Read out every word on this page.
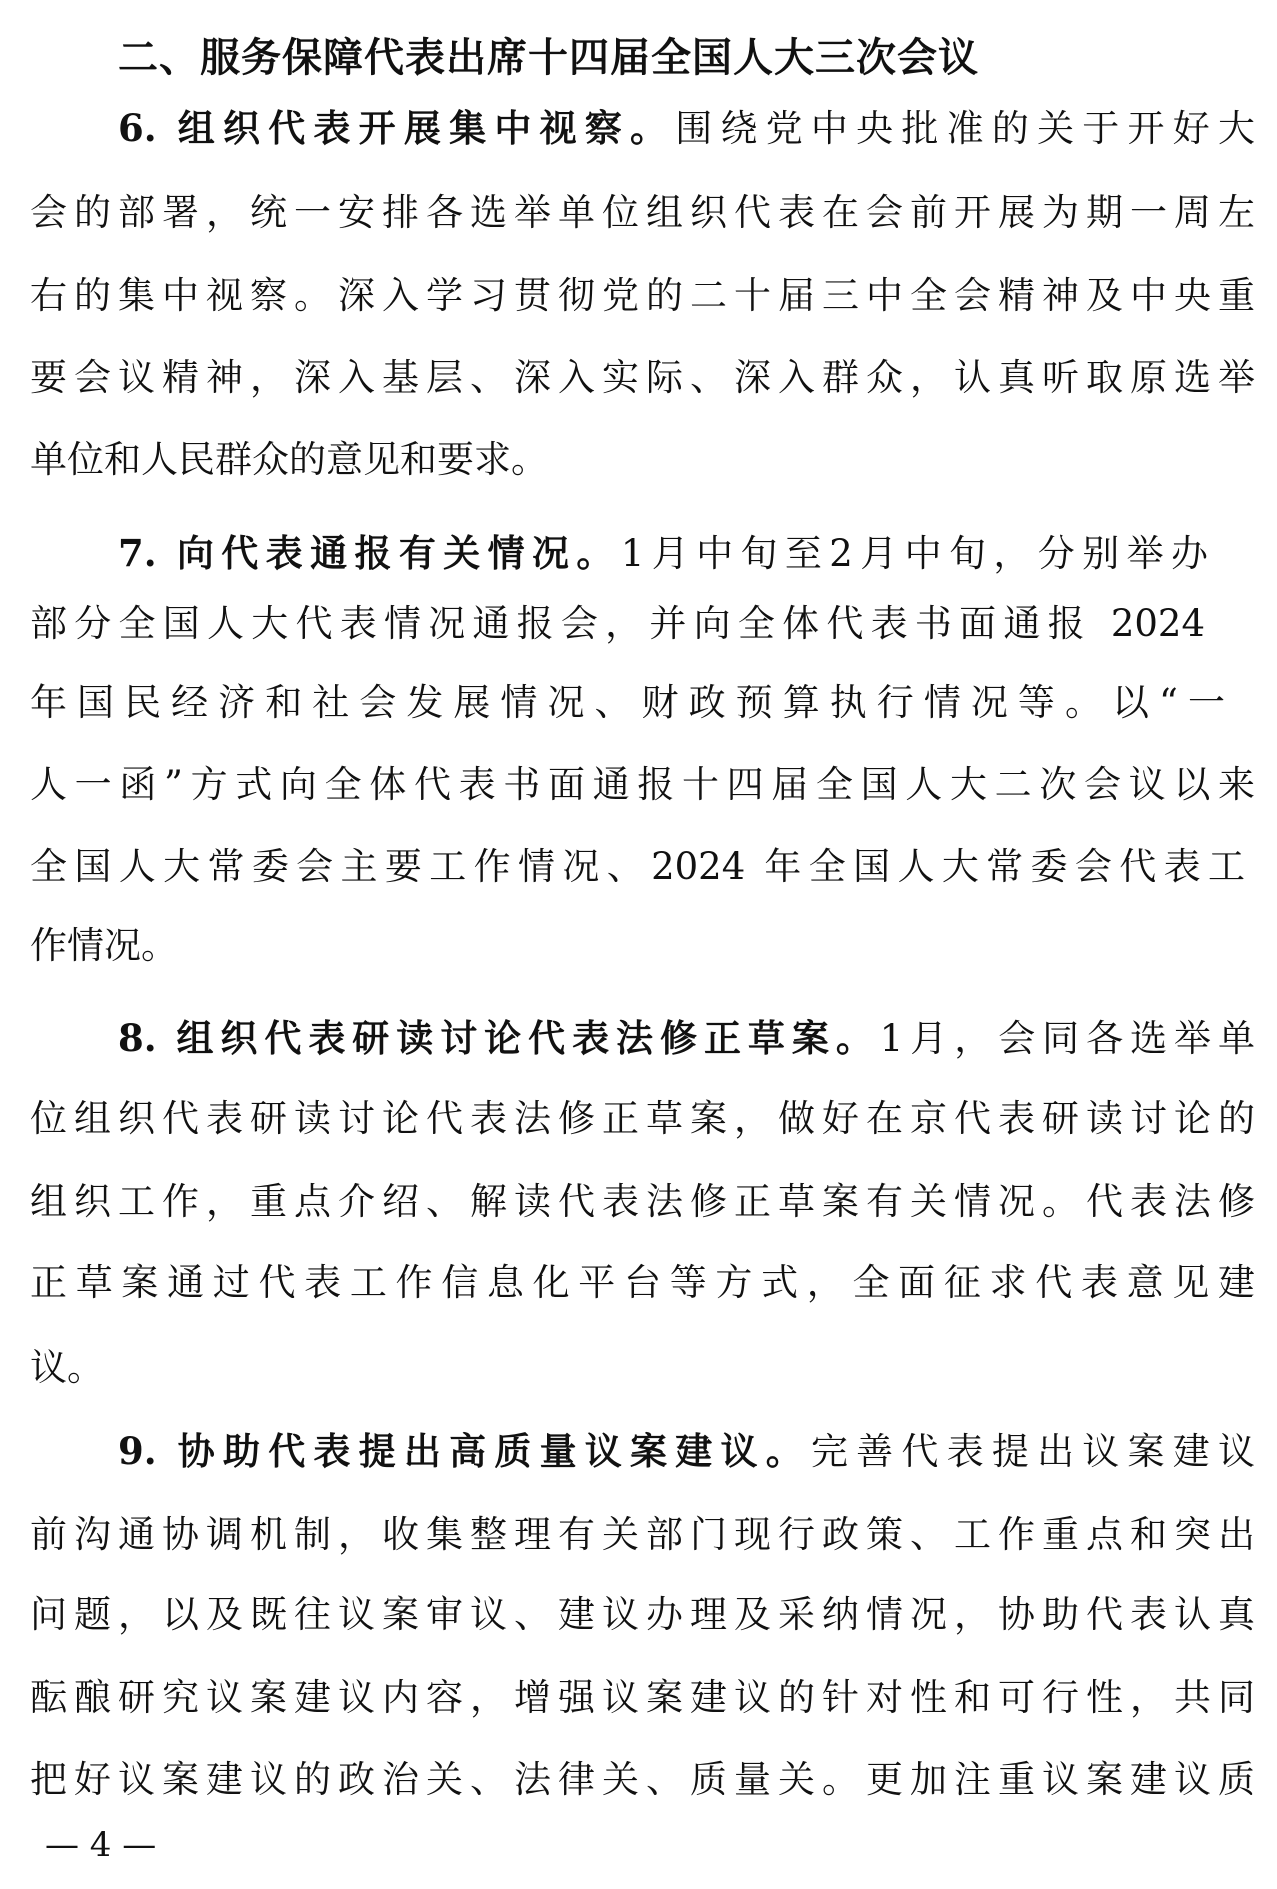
二、服务保障代表出席十四届全国人大三次会议
6. 组织代表开展集中视察。围绕党中央批准的关于开好大
会的部署，统一安排各选举单位组织代表在会前开展为期一周左
右的集中视察。深入学习贯彻党的二十届三中全会精神及中央重
要会议精神，深入基层、深入实际、深入群众，认真听取原选举
单位和人民群众的意见和要求。
7. 向代表通报有关情况。1月中旬至2月中旬，分别举办
部分全国人大代表情况通报会，并向全体代表书面通报 2024
年国民经济和社会发展情况、财政预算执行情况等。以“一
人一函”方式向全体代表书面通报十四届全国人大二次会议以来
全国人大常委会主要工作情况、2024 年全国人大常委会代表工
作情况。
8. 组织代表研读讨论代表法修正草案。1月，会同各选举单
位组织代表研读讨论代表法修正草案，做好在京代表研读讨论的
组织工作，重点介绍、解读代表法修正草案有关情况。代表法修
正草案通过代表工作信息化平台等方式，全面征求代表意见建
议。
9. 协助代表提出高质量议案建议。完善代表提出议案建议
前沟通协调机制，收集整理有关部门现行政策、工作重点和突出
问题，以及既往议案审议、建议办理及采纳情况，协助代表认真
酝酿研究议案建议内容，增强议案建议的针对性和可行性，共同
把好议案建议的政治关、法律关、质量关。更加注重议案建议质
— 4 —
